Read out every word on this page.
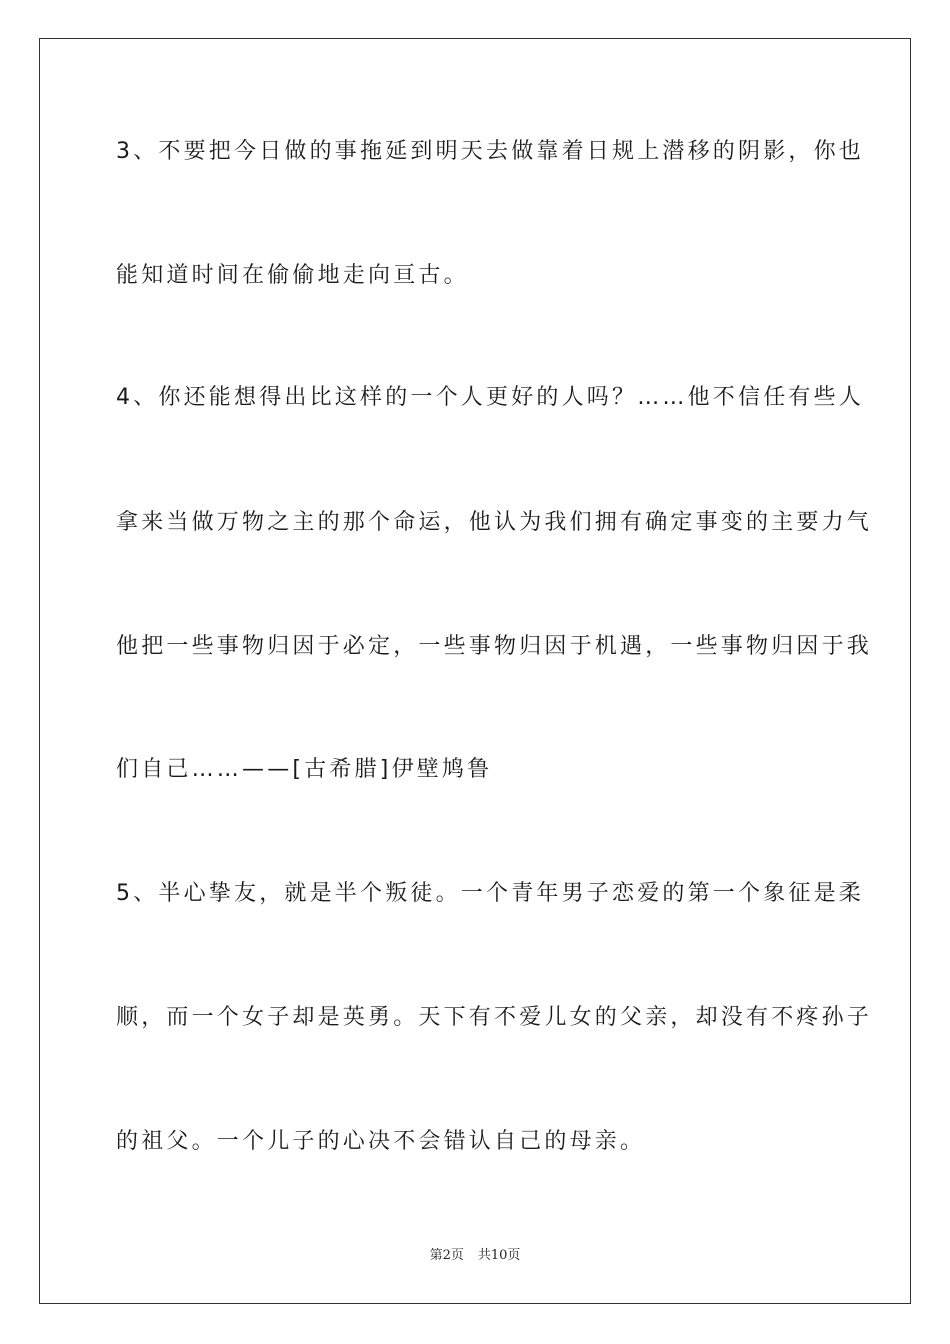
3、不要把今日做的事拖延到明天去做靠着日规上潜移的阴影，你也
能知道时间在偷偷地走向亘古。
4、你还能想得出比这样的一个人更好的人吗？……他不信任有些人
拿来当做万物之主的那个命运，他认为我们拥有确定事变的主要力气
他把一些事物归因于必定，一些事物归因于机遇，一些事物归因于我
们自己……——[古希腊]伊壁鸠鲁
5、半心挚友，就是半个叛徒。一个青年男子恋爱的第一个象征是柔
顺，而一个女子却是英勇。天下有不爱儿女的父亲，却没有不疼孙子
的祖父。一个儿子的心决不会错认自己的母亲。
第2页 共10页
